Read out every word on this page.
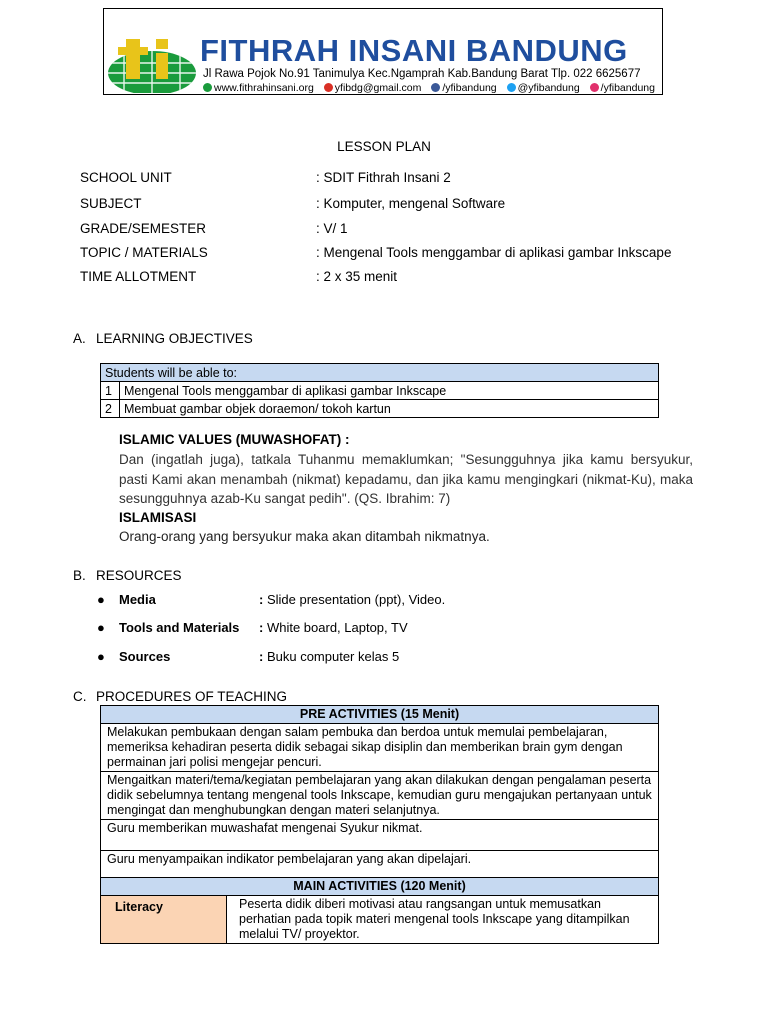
FITHRAH INSANI BANDUNG
Jl Rawa Pojok No.91 Tanimulya Kec.Ngamprah Kab.Bandung Barat Tlp. 022 6625677
www.fithrahinsani.org	yfibdg@gmail.com	/yfibandung	@yfibandung	/yfibandung
LESSON PLAN
SCHOOL UNIT	: SDIT Fithrah Insani 2
SUBJECT	: Komputer, mengenal Software
GRADE/SEMESTER	: V/ 1
TOPIC / MATERIALS	: Mengenal Tools menggambar di aplikasi gambar Inkscape
TIME ALLOTMENT	: 2 x 35 menit
A. LEARNING OBJECTIVES
Students will be able to:	
1	Mengenal Tools menggambar di aplikasi gambar Inkscape
2	Membuat gambar objek doraemon/ tokoh kartun
ISLAMIC VALUES (MUWASHOFAT) :
Dan (ingatlah juga), tatkala Tuhanmu memaklumkan; "Sesungguhnya jika kamu bersyukur, pasti Kami akan menambah (nikmat) kepadamu, dan jika kamu mengingkari (nikmat-Ku), maka sesungguhnya azab-Ku sangat pedih". (QS. Ibrahim: 7)
ISLAMISASI
Orang-orang yang bersyukur maka akan ditambah nikmatnya.
B. RESOURCES
● Media	: Slide presentation (ppt), Video.
● Tools and Materials : White board, Laptop, TV
● Sources	: Buku computer kelas 5
C. PROCEDURES OF TEACHING
PRE ACTIVITIES (15 Menit)
Melakukan pembukaan dengan salam pembuka dan berdoa untuk memulai pembelajaran, memeriksa kehadiran peserta didik sebagai sikap disiplin dan memberikan brain gym dengan permainan jari polisi mengejar pencuri.
Mengaitkan materi/tema/kegiatan pembelajaran yang akan dilakukan dengan pengalaman peserta didik sebelumnya tentang mengenal tools Inkscape, kemudian guru mengajukan pertanyaan untuk mengingat dan menghubungkan dengan materi selanjutnya.
Guru memberikan muwashafat mengenai Syukur nikmat.
Guru menyampaikan indikator pembelajaran yang akan dipelajari.
MAIN ACTIVITIES (120 Menit)
Literacy	Peserta didik diberi motivasi atau rangsangan untuk memusatkan perhatian pada topik materi mengenal tools Inkscape yang ditampilkan melalui TV/ proyektor.
